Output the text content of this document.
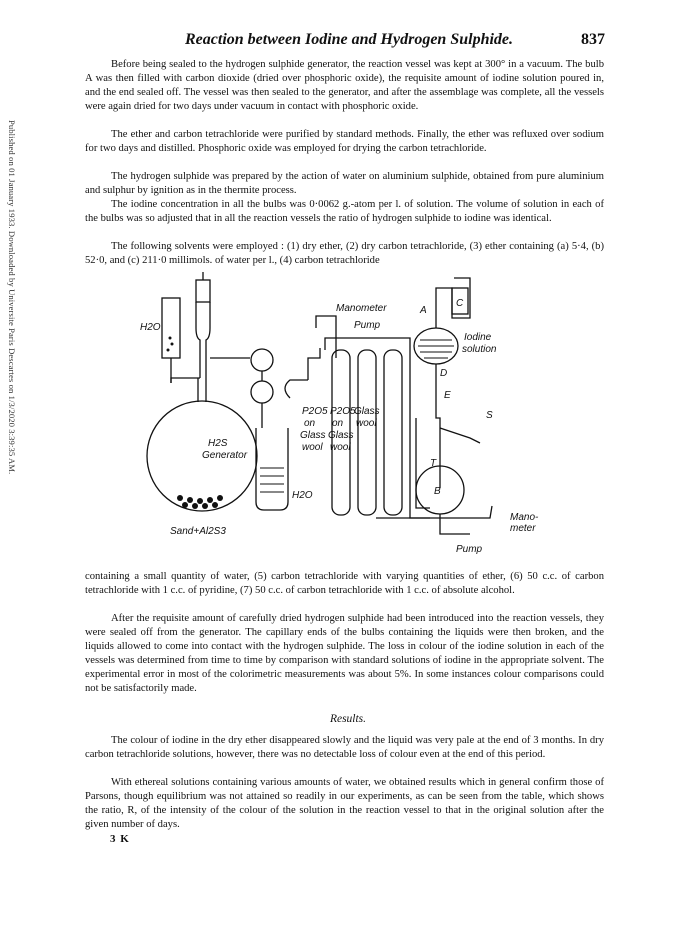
Published on 01 January 1933. Downloaded by Universite Paris Descartes on 1/3/2020 3:39:35 AM.
Reaction between Iodine and Hydrogen Sulphide.	837

Before being sealed to the hydrogen sulphide generator, the reaction vessel was kept at 300° in a vacuum. The bulb A was then filled with carbon dioxide (dried over phosphoric oxide), the requisite amount of iodine solution poured in, and the end sealed off. The vessel was then sealed to the generator, and after the assemblage was complete, all the vessels were again dried for two days under vacuum in contact with phosphoric oxide.

The ether and carbon tetrachloride were purified by standard methods. Finally, the ether was refluxed over sodium for two days and distilled. Phosphoric oxide was employed for drying the carbon tetrachloride.

The hydrogen sulphide was prepared by the action of water on aluminium sulphide, obtained from pure aluminium and sulphur by ignition as in the thermite process.

The iodine concentration in all the bulbs was 0·0062 g.-atom per l. of solution. The volume of solution in each of the bulbs was so adjusted that in all the reaction vessels the ratio of hydrogen sulphide to iodine was identical.

The following solvents were employed : (1) dry ether, (2) dry carbon tetrachloride, (3) ether containing (a) 5·4, (b) 52·0, and (c) 211·0 millimols. of water per l., (4) carbon tetrachloride

H2O
Manometer
Pump
A
C
Iodine
solution
D
E
S
P2O5 P2O5
on on
Glass Glass
Glass
wool wool
wool
T
B
H2S
Generator
H2O
Mano-
meter
Sand+Al2S3
Pump

containing a small quantity of water, (5) carbon tetrachloride with varying quantities of ether, (6) 50 c.c. of carbon tetrachloride with 1 c.c. of pyridine, (7) 50 c.c. of carbon tetrachloride with 1 c.c. of absolute alcohol.

After the requisite amount of carefully dried hydrogen sulphide had been introduced into the reaction vessels, they were sealed off from the generator. The capillary ends of the bulbs containing the liquids were then broken, and the liquids allowed to come into contact with the hydrogen sulphide. The loss in colour of the iodine solution in each of the vessels was determined from time to time by comparison with standard solutions of iodine in the appropriate solvent. The experimental error in most of the colorimetric measurements was about 5%. In some instances colour comparisons could not be satisfactorily made.

Results.

The colour of iodine in the dry ether disappeared slowly and the liquid was very pale at the end of 3 months. In dry carbon tetrachloride solutions, however, there was no detectable loss of colour even at the end of this period.

With ethereal solutions containing various amounts of water, we obtained results which in general confirm those of Parsons, though equilibrium was not attained so readily in our experiments, as can be seen from the table, which shows the ratio, R, of the intensity of the colour of the solution in the reaction vessel to that in the original solution after the given number of days.

3 K
